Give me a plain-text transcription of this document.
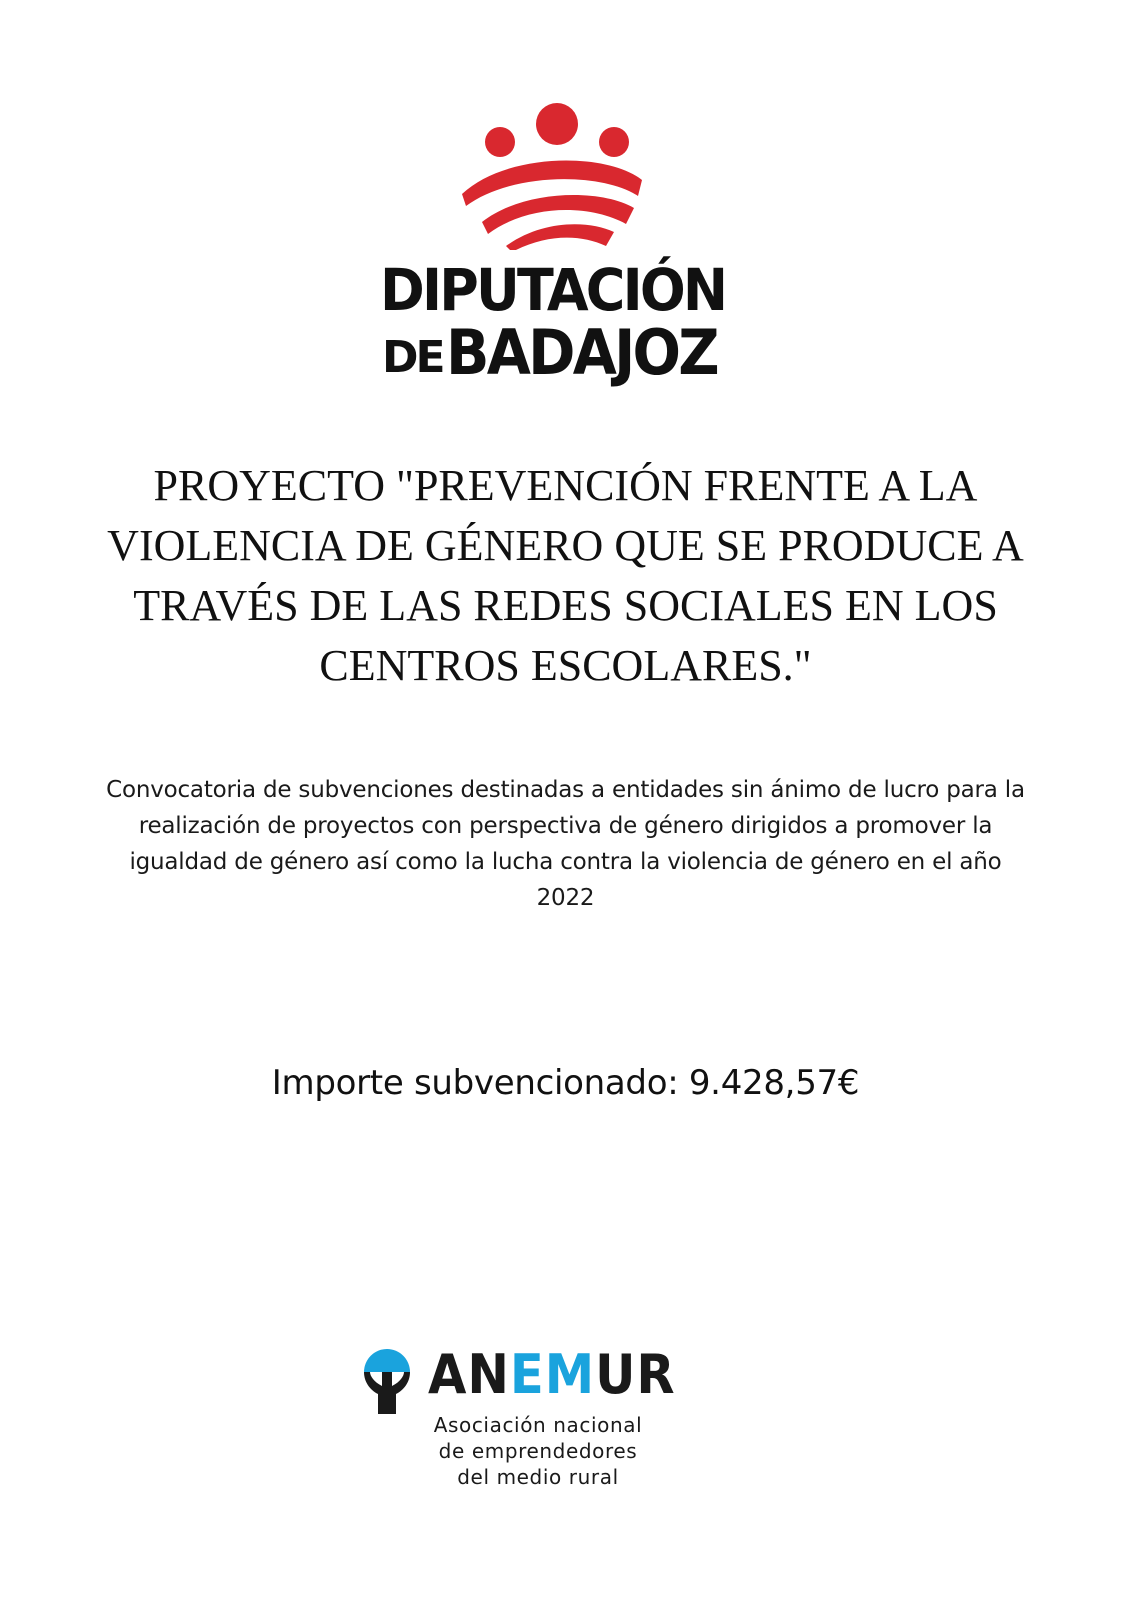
DIPUTACIÓN
DE BADAJOZ
PROYECTO "PREVENCIÓN FRENTE A LA VIOLENCIA DE GÉNERO QUE SE PRODUCE A TRAVÉS DE LAS REDES SOCIALES EN LOS CENTROS ESCOLARES."

Convocatoria de subvenciones destinadas a entidades sin ánimo de lucro para la realización de proyectos con perspectiva de género dirigidos a promover la igualdad de género así como la lucha contra la violencia de género en el año 2022

Importe subvencionado: 9.428,57€
ANEMUR
Asociación nacional
de emprendedores
del medio rural
